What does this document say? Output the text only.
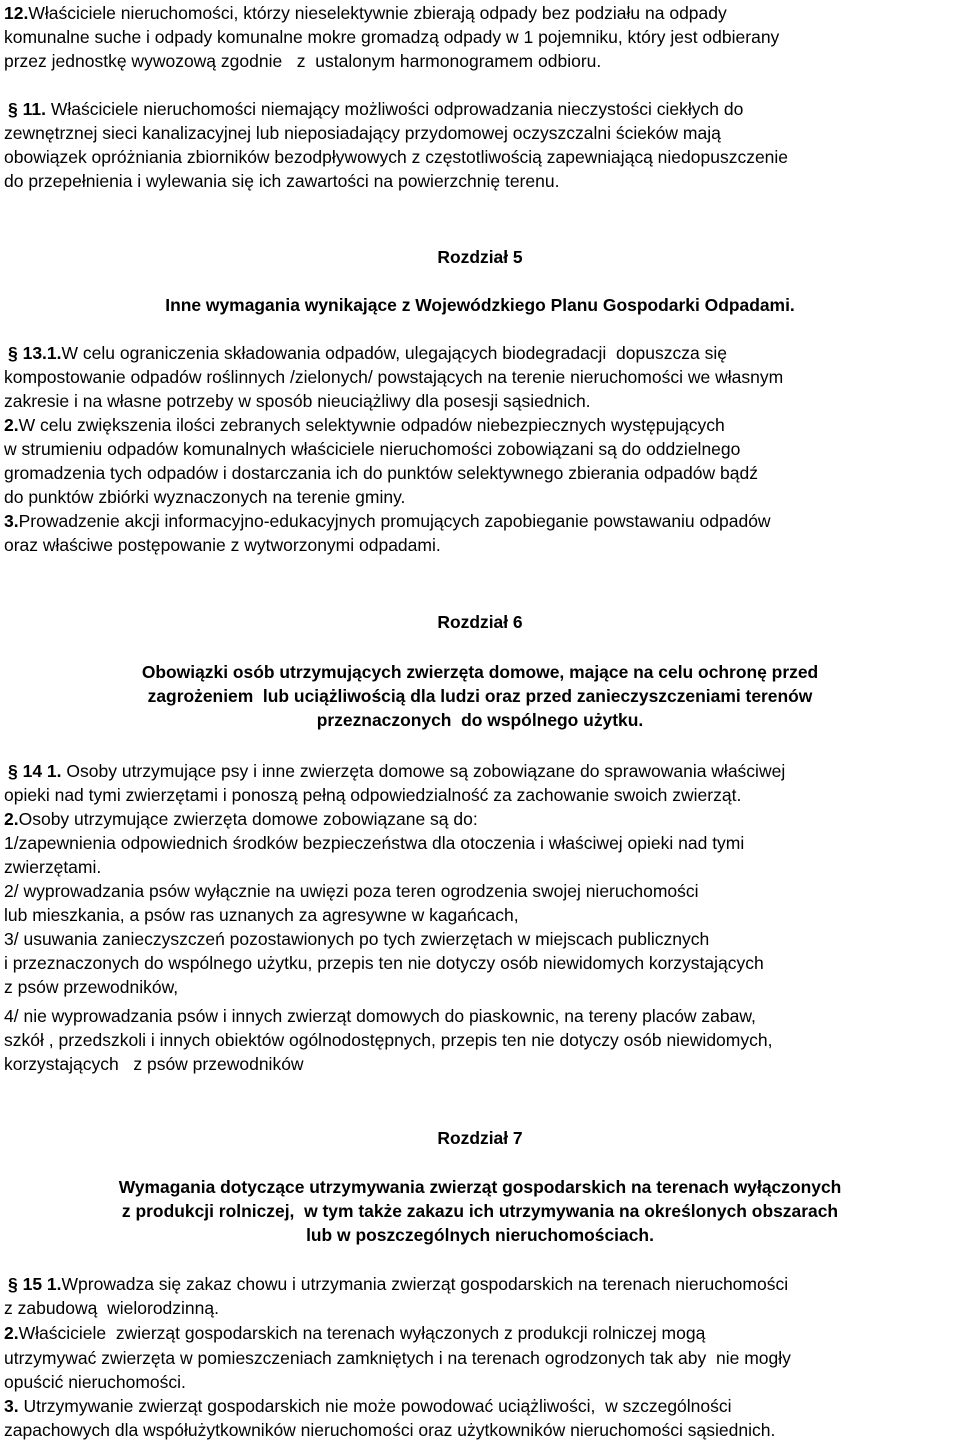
12.Właściciele nieruchomości, którzy nieselektywnie zbierają odpady bez podziału na odpady

komunalne suche i odpady komunalne mokre gromadzą odpady w 1 pojemniku, który jest odbierany

przez jednostkę wywozową zgodnie   z  ustalonym harmonogramem odbioru.

§ 11. Właściciele nieruchomości niemający możliwości odprowadzania nieczystości ciekłych do

zewnętrznej sieci kanalizacyjnej lub nieposiadający przydomowej oczyszczalni ścieków mają

obowiązek opróżniania zbiorników bezodpływowych z częstotliwością zapewniającą niedopuszczenie

do przepełnienia i wylewania się ich zawartości na powierzchnię terenu.

Rozdział 5

Inne wymagania wynikające z Wojewódzkiego Planu Gospodarki Odpadami.

§ 13.1.W celu ograniczenia składowania odpadów, ulegających biodegradacji  dopuszcza się

kompostowanie odpadów roślinnych /zielonych/ powstających na terenie nieruchomości we własnym

zakresie i na własne potrzeby w sposób nieuciążliwy dla posesji sąsiednich.

2.W celu zwiększenia ilości zebranych selektywnie odpadów niebezpiecznych występujących

w strumieniu odpadów komunalnych właściciele nieruchomości zobowiązani są do oddzielnego

gromadzenia tych odpadów i dostarczania ich do punktów selektywnego zbierania odpadów bądź

do punktów zbiórki wyznaczonych na terenie gminy.

3.Prowadzenie akcji informacyjno-edukacyjnych promujących zapobieganie powstawaniu odpadów

oraz właściwe postępowanie z wytworzonymi odpadami.

Rozdział 6

Obowiązki osób utrzymujących zwierzęta domowe, mające na celu ochronę przed

zagrożeniem  lub uciążliwością dla ludzi oraz przed zanieczyszczeniami terenów

przeznaczonych  do wspólnego użytku.

§ 14 1. Osoby utrzymujące psy i inne zwierzęta domowe są zobowiązane do sprawowania właściwej

opieki nad tymi zwierzętami i ponoszą pełną odpowiedzialność za zachowanie swoich zwierząt.

2.Osoby utrzymujące zwierzęta domowe zobowiązane są do:

1/zapewnienia odpowiednich środków bezpieczeństwa dla otoczenia i właściwej opieki nad tymi

zwierzętami.

2/ wyprowadzania psów wyłącznie na uwięzi poza teren ogrodzenia swojej nieruchomości

lub mieszkania, a psów ras uznanych za agresywne w kagańcach,

3/ usuwania zanieczyszczeń pozostawionych po tych zwierzętach w miejscach publicznych

i przeznaczonych do wspólnego użytku, przepis ten nie dotyczy osób niewidomych korzystających

z psów przewodników,

4/ nie wyprowadzania psów i innych zwierząt domowych do piaskownic, na tereny placów zabaw,

szkół , przedszkoli i innych obiektów ogólnodostępnych, przepis ten nie dotyczy osób niewidomych,

korzystających   z psów przewodników

Rozdział 7

Wymagania dotyczące utrzymywania zwierząt gospodarskich na terenach wyłączonych

z produkcji rolniczej,  w tym także zakazu ich utrzymywania na określonych obszarach

lub w poszczególnych nieruchomościach.

§ 15 1.Wprowadza się zakaz chowu i utrzymania zwierząt gospodarskich na terenach nieruchomości

z zabudową  wielorodzinną.

2.Właściciele  zwierząt gospodarskich na terenach wyłączonych z produkcji rolniczej mogą

utrzymywać zwierzęta w pomieszczeniach zamkniętych i na terenach ogrodzonych tak aby  nie mogły

opuścić nieruchomości.

3. Utrzymywanie zwierząt gospodarskich nie może powodować uciążliwości,  w szczególności

zapachowych dla współużytkowników nieruchomości oraz użytkowników nieruchomości sąsiednich.
